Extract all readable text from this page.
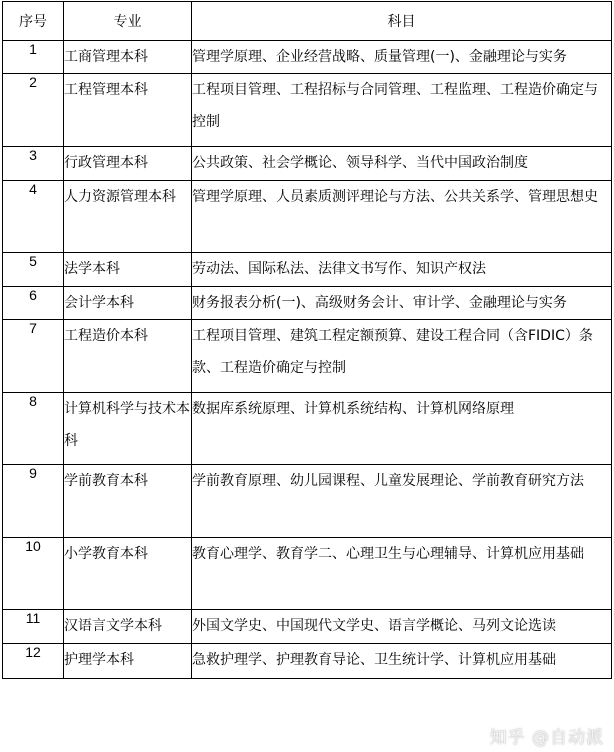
序号	专业	科目
1	工商管理本科	管理学原理、企业经营战略、质量管理(一)、金融理论与实务
2	工程管理本科	工程项目管理、工程招标与合同管理、工程监理、工程造价确定与控制
3	行政管理本科	公共政策、社会学概论、领导科学、当代中国政治制度
4	人力资源管理本科	管理学原理、人员素质测评理论与方法、公共关系学、管理思想史
5	法学本科	劳动法、国际私法、法律文书写作、知识产权法
6	会计学本科	财务报表分析(一)、高级财务会计、审计学、金融理论与实务
7	工程造价本科	工程项目管理、建筑工程定额预算、建设工程合同（含FIDIC）条款、工程造价确定与控制
8	计算机科学与技术本科	数据库系统原理、计算机系统结构、计算机网络原理
9	学前教育本科	学前教育原理、幼儿园课程、儿童发展理论、学前教育研究方法
10	小学教育本科	教育心理学、教育学二、心理卫生与心理辅导、计算机应用基础
11	汉语言文学本科	外国文学史、中国现代文学史、语言学概论、马列文论选读
12	护理学本科	急救护理学、护理教育导论、卫生统计学、计算机应用基础
知乎 @自动派
